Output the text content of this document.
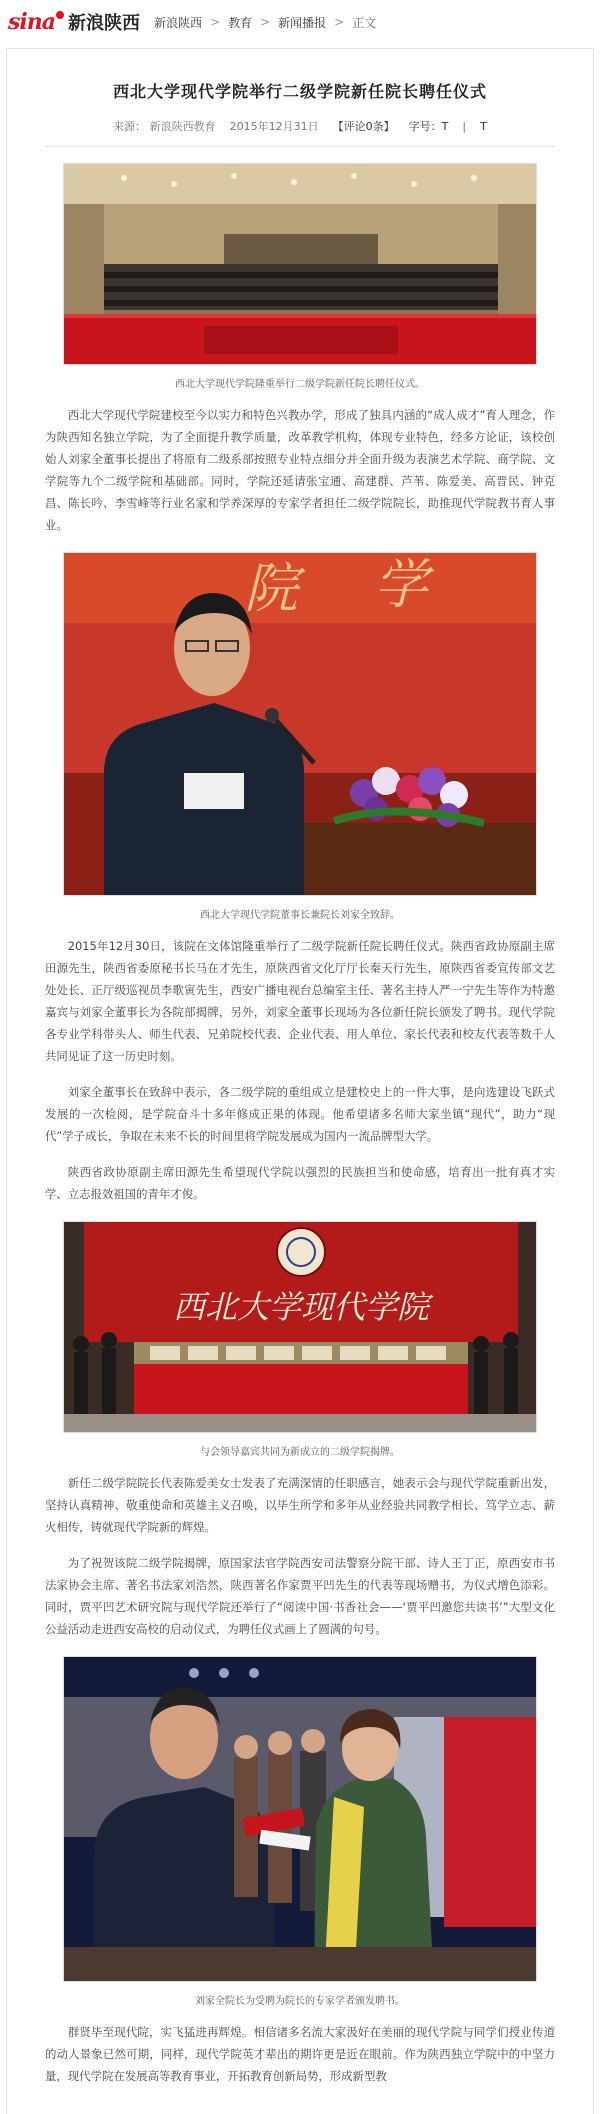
sina 新浪陕西 新浪陕西 > 教育 > 新闻播报 > 正文
西北大学现代学院举行二级学院新任院长聘任仪式
来源： 新浪陕西教育 2015年12月31日 【评论0条】 字号：T | T
西北大学现代学院隆重举行二级学院新任院长聘任仪式。

西北大学现代学院建校至今以实力和特色兴教办学，形成了独具内涵的“成人成才”育人理念，作为陕西知名独立学院，为了全面提升教学质量，改革教学机构，体现专业特色，经多方论证，该校创始人刘家全董事长提出了将原有二级系部按照专业特点细分并全面升级为表演艺术学院、商学院、文学院等九个二级学院和基础部。同时，学院还延请张宝通、高建群、芦苇、陈爱美、高晋民、钟克昌、陈长吟、李雪峰等行业名家和学养深厚的专家学者担任二级学院院长，助推现代学院教书育人事业。

院 学
西北大学现代学院董事长兼院长刘家全致辞。

2015年12月30日，该院在文体馆隆重举行了二级学院新任院长聘任仪式。陕西省政协原副主席田源先生，陕西省委原秘书长马在才先生，原陕西省文化厅厅长秦天行先生，原陕西省委宣传部文艺处处长、正厅级巡视员李歌寅先生，西安广播电视台总编室主任、著名主持人严一宁先生等作为特邀嘉宾与刘家全董事长为各院部揭牌，另外，刘家全董事长现场为各位新任院长颁发了聘书。现代学院各专业学科带头人、师生代表、兄弟院校代表、企业代表、用人单位、家长代表和校友代表等数千人共同见证了这一历史时刻。

刘家全董事长在致辞中表示，各二级学院的重组成立是建校史上的一件大事，是向选建设飞跃式发展的一次检阅，是学院奋斗十多年修成正果的体现。他希望诸多名师大家坐镇“现代”，助力“现代”学子成长，争取在未来不长的时间里将学院发展成为国内一流品牌型大学。

陕西省政协原副主席田源先生希望现代学院以强烈的民族担当和使命感，培育出一批有真才实学、立志报效祖国的青年才俊。

西北大学现代学院
与会领导嘉宾共同为新成立的二级学院揭牌。

新任二级学院院长代表陈爱美女士发表了充满深情的任职感言，她表示会与现代学院重新出发，坚持认真精神、敬重使命和英雄主义召唤，以毕生所学和多年从业经验共同教学相长、笃学立志、薪火相传，铸就现代学院新的辉煌。

为了祝贺该院二级学院揭牌，原国家法官学院西安司法警察分院干部、诗人王丁正，原西安市书法家协会主席、著名书法家刘浩然，陕西著名作家贾平凹先生的代表等现场赠书，为仪式增色添彩。同时，贾平凹艺术研究院与现代学院还举行了“阅读中国·书香社会——‘贾平凹邀您共读书’”大型文化公益活动走进西安高校的启动仪式，为聘任仪式画上了圆满的句号。

刘家全院长为受聘为院长的专家学者颁发聘书。

群贤毕至现代院，实飞猛进再辉煌。相信诸多名流大家汲好在美丽的现代学院与同学们授业传道的动人景象已然可期，同样，现代学院英才辈出的期许更是近在眼前。作为陕西独立学院中的中坚力量，现代学院在发展高等教育事业，开拓教育创新局势，形成新型教
